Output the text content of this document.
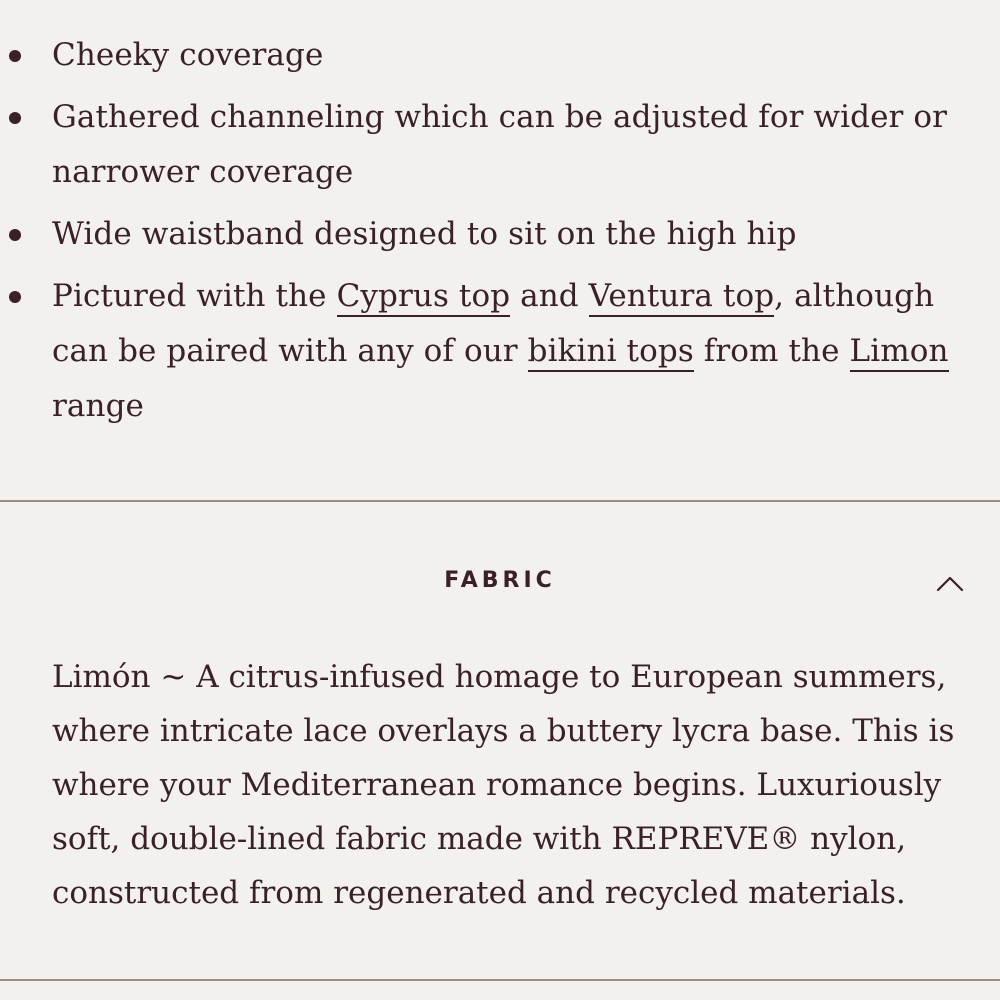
Cheeky coverage
Gathered channeling which can be adjusted for wider or narrower coverage
Wide waistband designed to sit on the high hip
Pictured with the Cyprus top and Ventura top, although can be paired with any of our bikini tops from the Limon range
FABRIC

Limón ~ A citrus-infused homage to European summers, where intricate lace overlays a buttery lycra base. This is where your Mediterranean romance begins. Luxuriously soft, double-lined fabric made with REPREVE® nylon, constructed from regenerated and recycled materials.
